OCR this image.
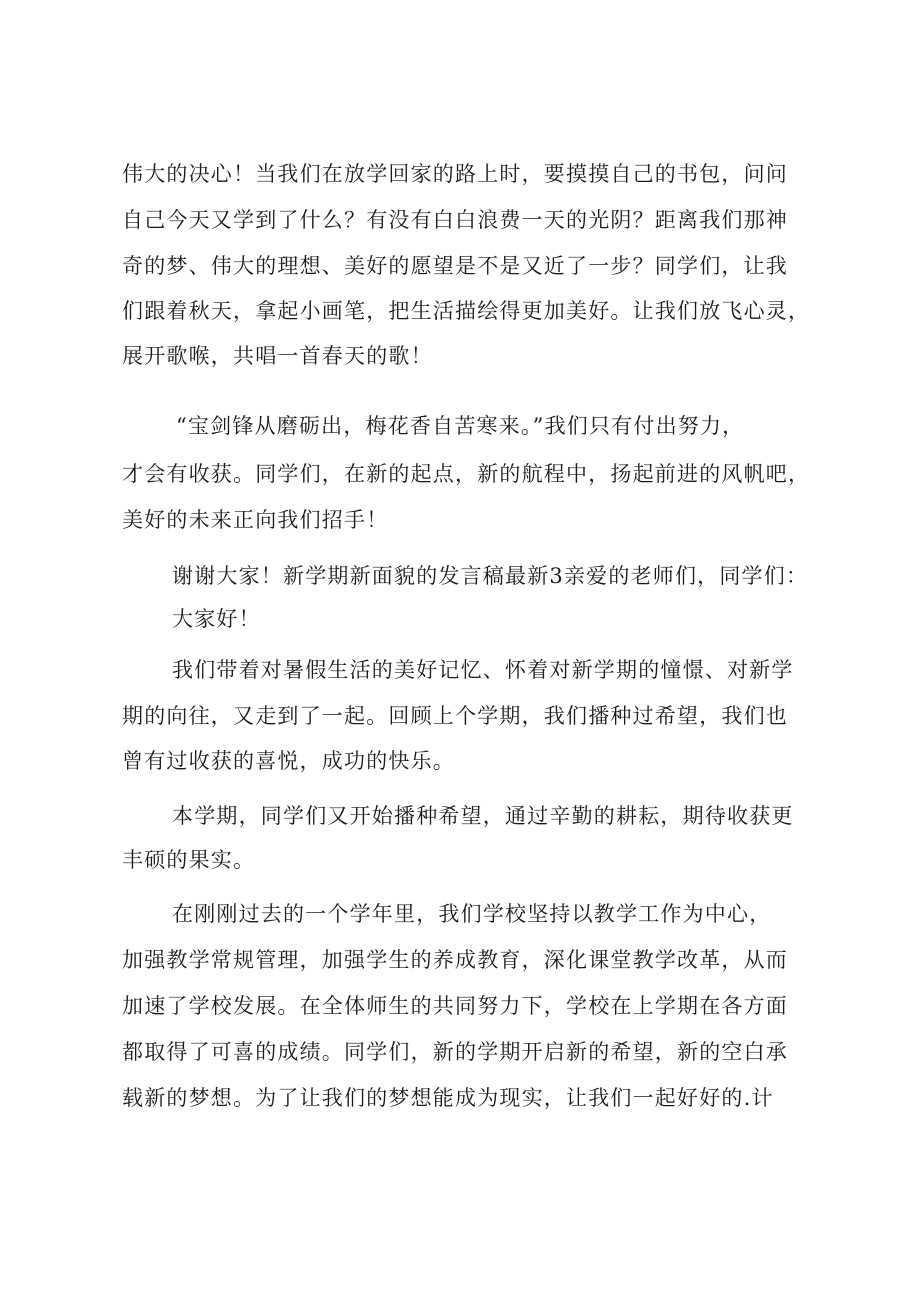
伟大的决心！当我们在放学回家的路上时，要摸摸自己的书包，问问
自己今天又学到了什么？有没有白白浪费一天的光阴？距离我们那神
奇的梦、伟大的理想、美好的愿望是不是又近了一步？同学们，让我
们跟着秋天，拿起小画笔，把生活描绘得更加美好。让我们放飞心灵，
展开歌喉，共唱一首春天的歌！
“宝剑锋从磨砺出，梅花香自苦寒来。”我们只有付出努力，
才会有收获。同学们，在新的起点，新的航程中，扬起前进的风帆吧，
美好的未来正向我们招手！
谢谢大家！新学期新面貌的发言稿最新3亲爱的老师们，同学们：
大家好！
我们带着对暑假生活的美好记忆、怀着对新学期的憧憬、对新学
期的向往，又走到了一起。回顾上个学期，我们播种过希望，我们也
曾有过收获的喜悦，成功的快乐。
本学期，同学们又开始播种希望，通过辛勤的耕耘，期待收获更
丰硕的果实。
在刚刚过去的一个学年里，我们学校坚持以教学工作为中心，
加强教学常规管理，加强学生的养成教育，深化课堂教学改革，从而
加速了学校发展。在全体师生的共同努力下，学校在上学期在各方面
都取得了可喜的成绩。同学们，新的学期开启新的希望，新的空白承
载新的梦想。为了让我们的梦想能成为现实，让我们一起好好的.计
